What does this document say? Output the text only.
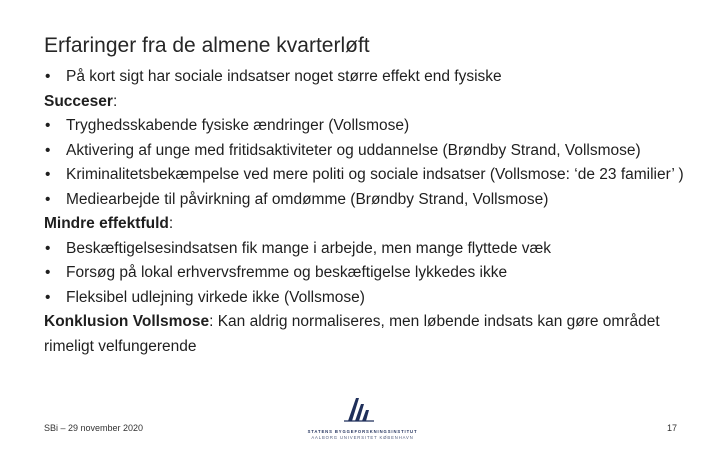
Erfaringer fra de almene kvarterløft

• På kort sigt har sociale indsatser noget større effekt end fysiske

Succeser:

• Tryghedsskabende fysiske ændringer (Vollsmose)

• Aktivering af unge med fritidsaktiviteter og uddannelse (Brøndby Strand, Vollsmose)

• Kriminalitetsbekæmpelse ved mere politi og sociale indsatser (Vollsmose: ‘de 23 familier’ )

• Mediearbejde til påvirkning af omdømme (Brøndby Strand, Vollsmose)

Mindre effektfuld:

• Beskæftigelsesindsatsen fik mange i arbejde, men mange flyttede væk

• Forsøg på lokal erhvervsfremme og beskæftigelse lykkedes ikke

• Fleksibel udlejning virkede ikke (Vollsmose)

Konklusion Vollsmose: Kan aldrig normaliseres, men løbende indsats kan gøre området rimeligt velfungerende

SBi – 29 november 2020	STATENS BYGGEFORSKNINGSINSTITUT
AALBORG UNIVERSITET KØBENHAVN
17
